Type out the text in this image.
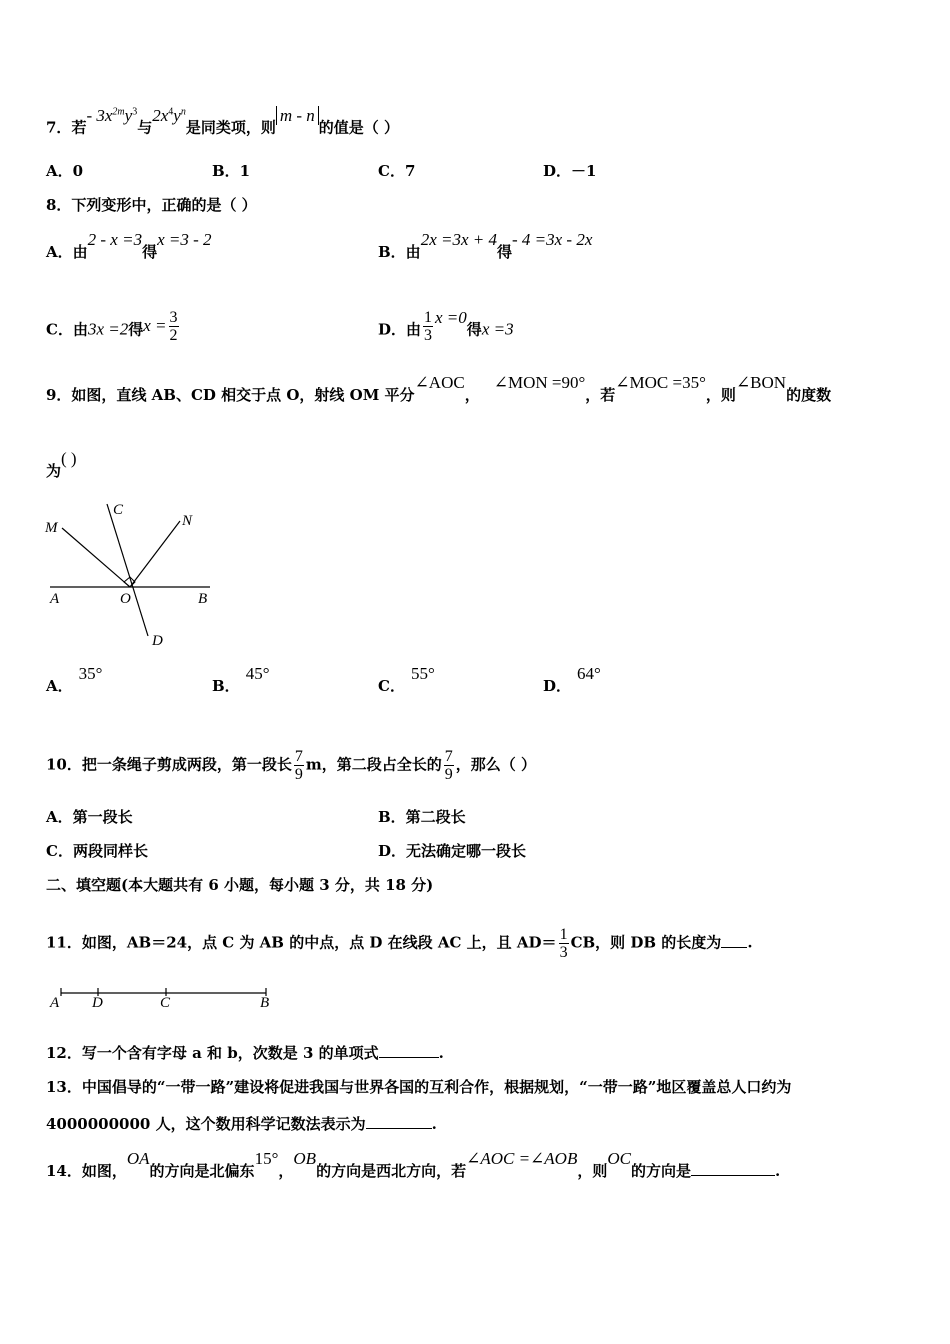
7．若- $3x^{2m}y^3$与$2x^4y^n$是同类项，则m - n的值是（ ）
A．0	B．1	C．7	D．－1
8．下列变形中，正确的是（ ）
A．由2 - x =3得x =3 - 2
B．由2x =3x + 4得- 4 =3x - 2x
C．由3x =2得$x = \frac{3}{2}$	D．由 $\frac{1}{3}$ x =0得x =3
9．如图，直线 AB、CD 相交于点 O，射线 OM 平分∠AOC，∠MON =90°，若∠MOC =35°，则∠BON的度数
为( )
M
C
N
A	O	B
D
A．35°
B．45°
C．55°
D．64°
10．把一条绳子剪成两段，第一段长 $\frac{7}{9}$ m，第二段占全长的 $\frac{7}{9}$ ，那么（ ）
A．第一段长	B．第二段长
C．两段同样长	D．无法确定哪一段长
二、填空题(本大题共有 6 小题，每小题 3 分，共 18 分)
11．如图，AB＝24，点 C 为 AB 的中点，点 D 在线段 AC 上，且 $AD= \frac{1}{3}$ CB，则 DB 的长度为 .
A D	C	B
12．写一个含有字母 a 和 b，次数是 3 的单项式	.
13．中国倡导的“一带一路”建设将促进我国与世界各国的互利合作，根据规划，“一带一路”地区覆盖总人口约为
4000000000 人，这个数用科学记数法表示为	.
14．如图，OA的方向是北偏东15°，OB的方向是西北方向，若∠AOC =∠AOB，则OC的方向是	.
